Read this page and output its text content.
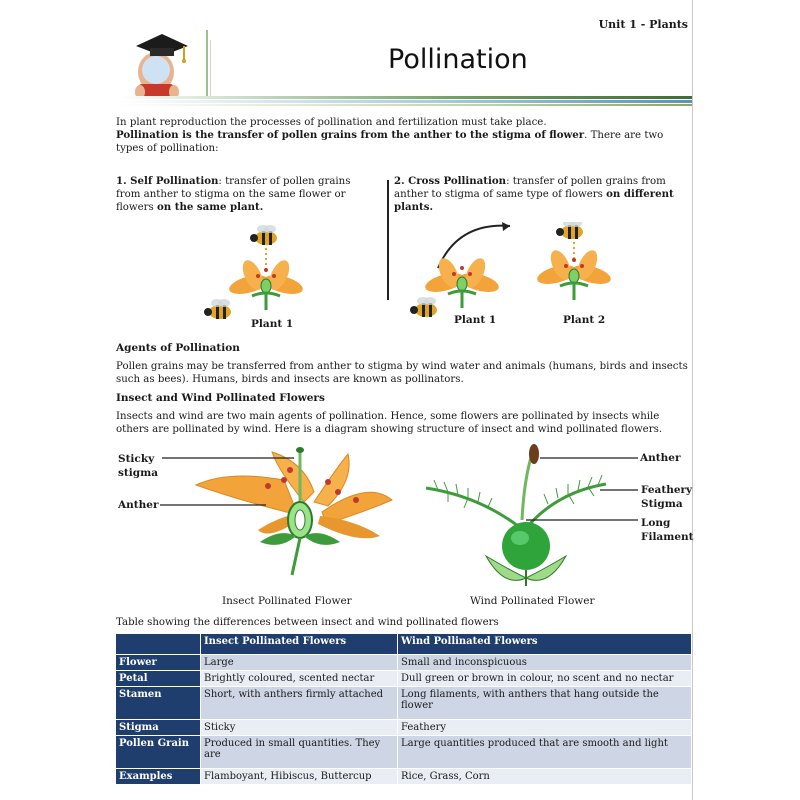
Unit 1 - Plants
Pollination
In plant reproduction the processes of pollination and fertilization must take place.
Pollination is the transfer of pollen grains from the anther to the stigma of flower. There are two types of pollination:
1. Self Pollination: transfer of pollen grains from anther to stigma on the same flower or flowers on the same plant.
2. Cross Pollination: transfer of pollen grains from anther to stigma of same type of flowers on different plants.
Plant 1	Plant 1	Plant 2
Agents of Pollination
Pollen grains may be transferred from anther to stigma by wind water and animals (humans, birds and insects such as bees). Humans, birds and insects are known as pollinators.
Insect and Wind Pollinated Flowers
Insects and wind are two main agents of pollination. Hence, some flowers are pollinated by insects while others are pollinated by wind. Here is a diagram showing structure of insect and wind pollinated flowers.
Sticky stigma
Anther
Anther
Feathery Stigma
Long Filament
Insect Pollinated Flower	Wind Pollinated Flower
Table showing the differences between insect and wind pollinated flowers
	Insect Pollinated Flowers	Wind Pollinated Flowers
Flower	Large	Small and inconspicuous
Petal	Brightly coloured, scented nectar	Dull green or brown in colour, no scent and no nectar
Stamen	Short, with anthers firmly attached	Long filaments, with anthers that hang outside the flower
Stigma	Sticky	Feathery
Pollen Grain	Produced in small quantities. They are	Large quantities produced that are smooth and light
Examples	Flamboyant, Hibiscus, Buttercup	Rice, Grass, Corn
